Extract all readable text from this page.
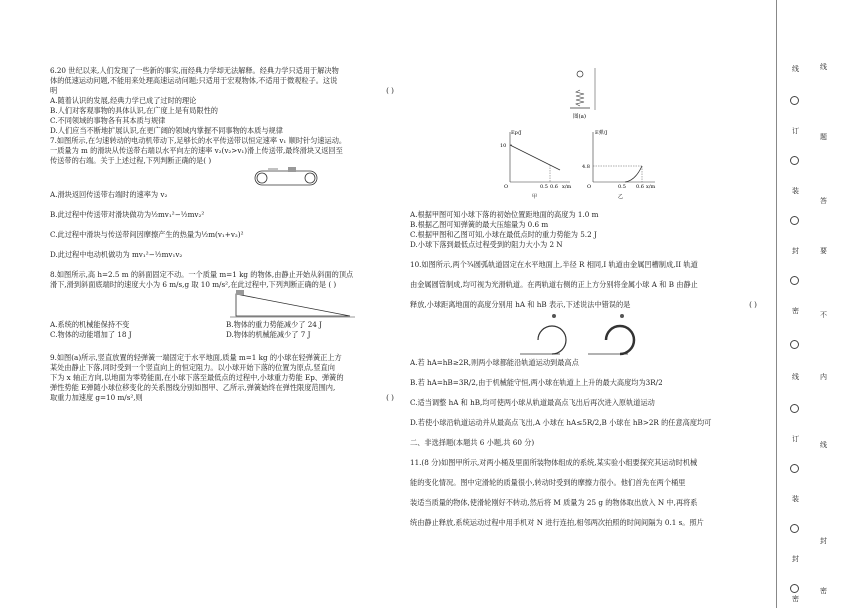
6.20 世纪以来,人们发现了一些新的事实,而经典力学却无法解释。经典力学只适用于解决物
体的低速运动问题,不能用来处理高速运动问题;只适用于宏观物体,不适用于微观粒子。这说
明	( )
A.随着认识的发展,经典力学已成了过时的理论
B.人们对客观事物的具体认识,在广度上是有局限性的
C.不同领域的事物各有其本质与规律
D.人们应当不断地扩展认识,在更广阔的领域内掌握不同事物的本质与规律
7.如图所示,在匀速转动的电动机带动下,足够长的水平传送带以恒定速率 v₁ 顺时针匀速运动。
一质量为 m 的滑块从传送带右端以水平向左的速率 v₂(v₂>v₁)滑上传送带,最终滑块又返回至
传送带的右端。关于上述过程,下列判断正确的是( )
A.滑块返回传送带右端时的速率为 v₂
B.此过程中传送带对滑块做功为½mv₁²−½mv₂²
C.此过程中滑块与传送带间因摩擦产生的热量为½m(v₁+v₂)²
D.此过程中电动机做功为 mv₁²−½mv₁v₂
8.如图所示,高 h=2.5 m 的斜面固定不动。一个质量 m=1 kg 的物体,由静止开始从斜面的顶点
滑下,滑到斜面底端时的速度大小为 6 m/s,g 取 10 m/s²,在此过程中,下列判断正确的是 ( )
A.系统的机械能保持不变	B.物体的重力势能减少了 24 J
C.物体的动能增加了 18 J	D.物体的机械能减少了 7 J
9.如图(a)所示,竖直放置的轻弹簧一端固定于水平地面,质量 m=1 kg 的小球在轻弹簧正上方
某处由静止下落,同时受到一个竖直向上的恒定阻力。以小球开始下落的位置为原点,竖直向
下为 x 轴正方向,以地面为零势能面,在小球下落至最低点的过程中,小球重力势能 Ep、弹簧的
弹性势能 E弹随小球位移变化的关系图线分别如图甲、乙所示,弹簧始终在弹性限度范围内,
取重力加速度 g=10 m/s²,则	( )
图(a)
Ep/J
10
O	0.5 0.6 x/m
甲
E弹/J
4.8
O	0.5 0.6 x/m
乙
A.根据甲图可知小球下落的初始位置距地面的高度为 1.0 m
B.根据乙图可知弹簧的最大压缩量为 0.6 m
C.根据甲图和乙图可知,小球在最低点时的重力势能为 5.2 J
D.小球下落到最低点过程受到的阻力大小为 2 N
10.如图所示,两个¾圆弧轨道固定在水平地面上,半径 R 相同,I 轨道由金属凹槽制成,II 轨道
由金属圆管制成,均可视为光滑轨道。在两轨道右侧的正上方分别将金属小球 A 和 B 由静止
释放,小球距离地面的高度分别用 hA 和 hB 表示,下述说法中错误的是	( )
A.若 hA=hB≥2R,则两小球都能沿轨道运动到最高点
B.若 hA=hB=3R/2,由于机械能守恒,两小球在轨道上上升的最大高度均为3R/2
C.适当调整 hA 和 hB,均可使两小球从轨道最高点飞出后再次进入原轨道运动
D.若使小球沿轨道运动并从最高点飞出,A 小球在 hA≤5R/2,B 小球在 hB>2R 的任意高度均可
二、非选择题(本题共 6 小题,共 60 分)
11.(8 分)如图甲所示,对两小桶及里面所装物体组成的系统,某实验小组要探究其运动时机械
能的变化情况。图中定滑轮的质量很小,转动时受到的摩擦力很小。他们首先在两个桶里
装适当质量的物体,使滑轮刚好不转动,然后将 M 质量为 25 g 的物体取出放入 N 中,再将系
统由静止释放,系统运动过程中用手机对 N 进行连拍,相邻两次拍照的时间间隔为 0.1 s。照片
线
题
答
要
不
内
线
封
密
线
订
装
封
密
线
订
装
封
密
